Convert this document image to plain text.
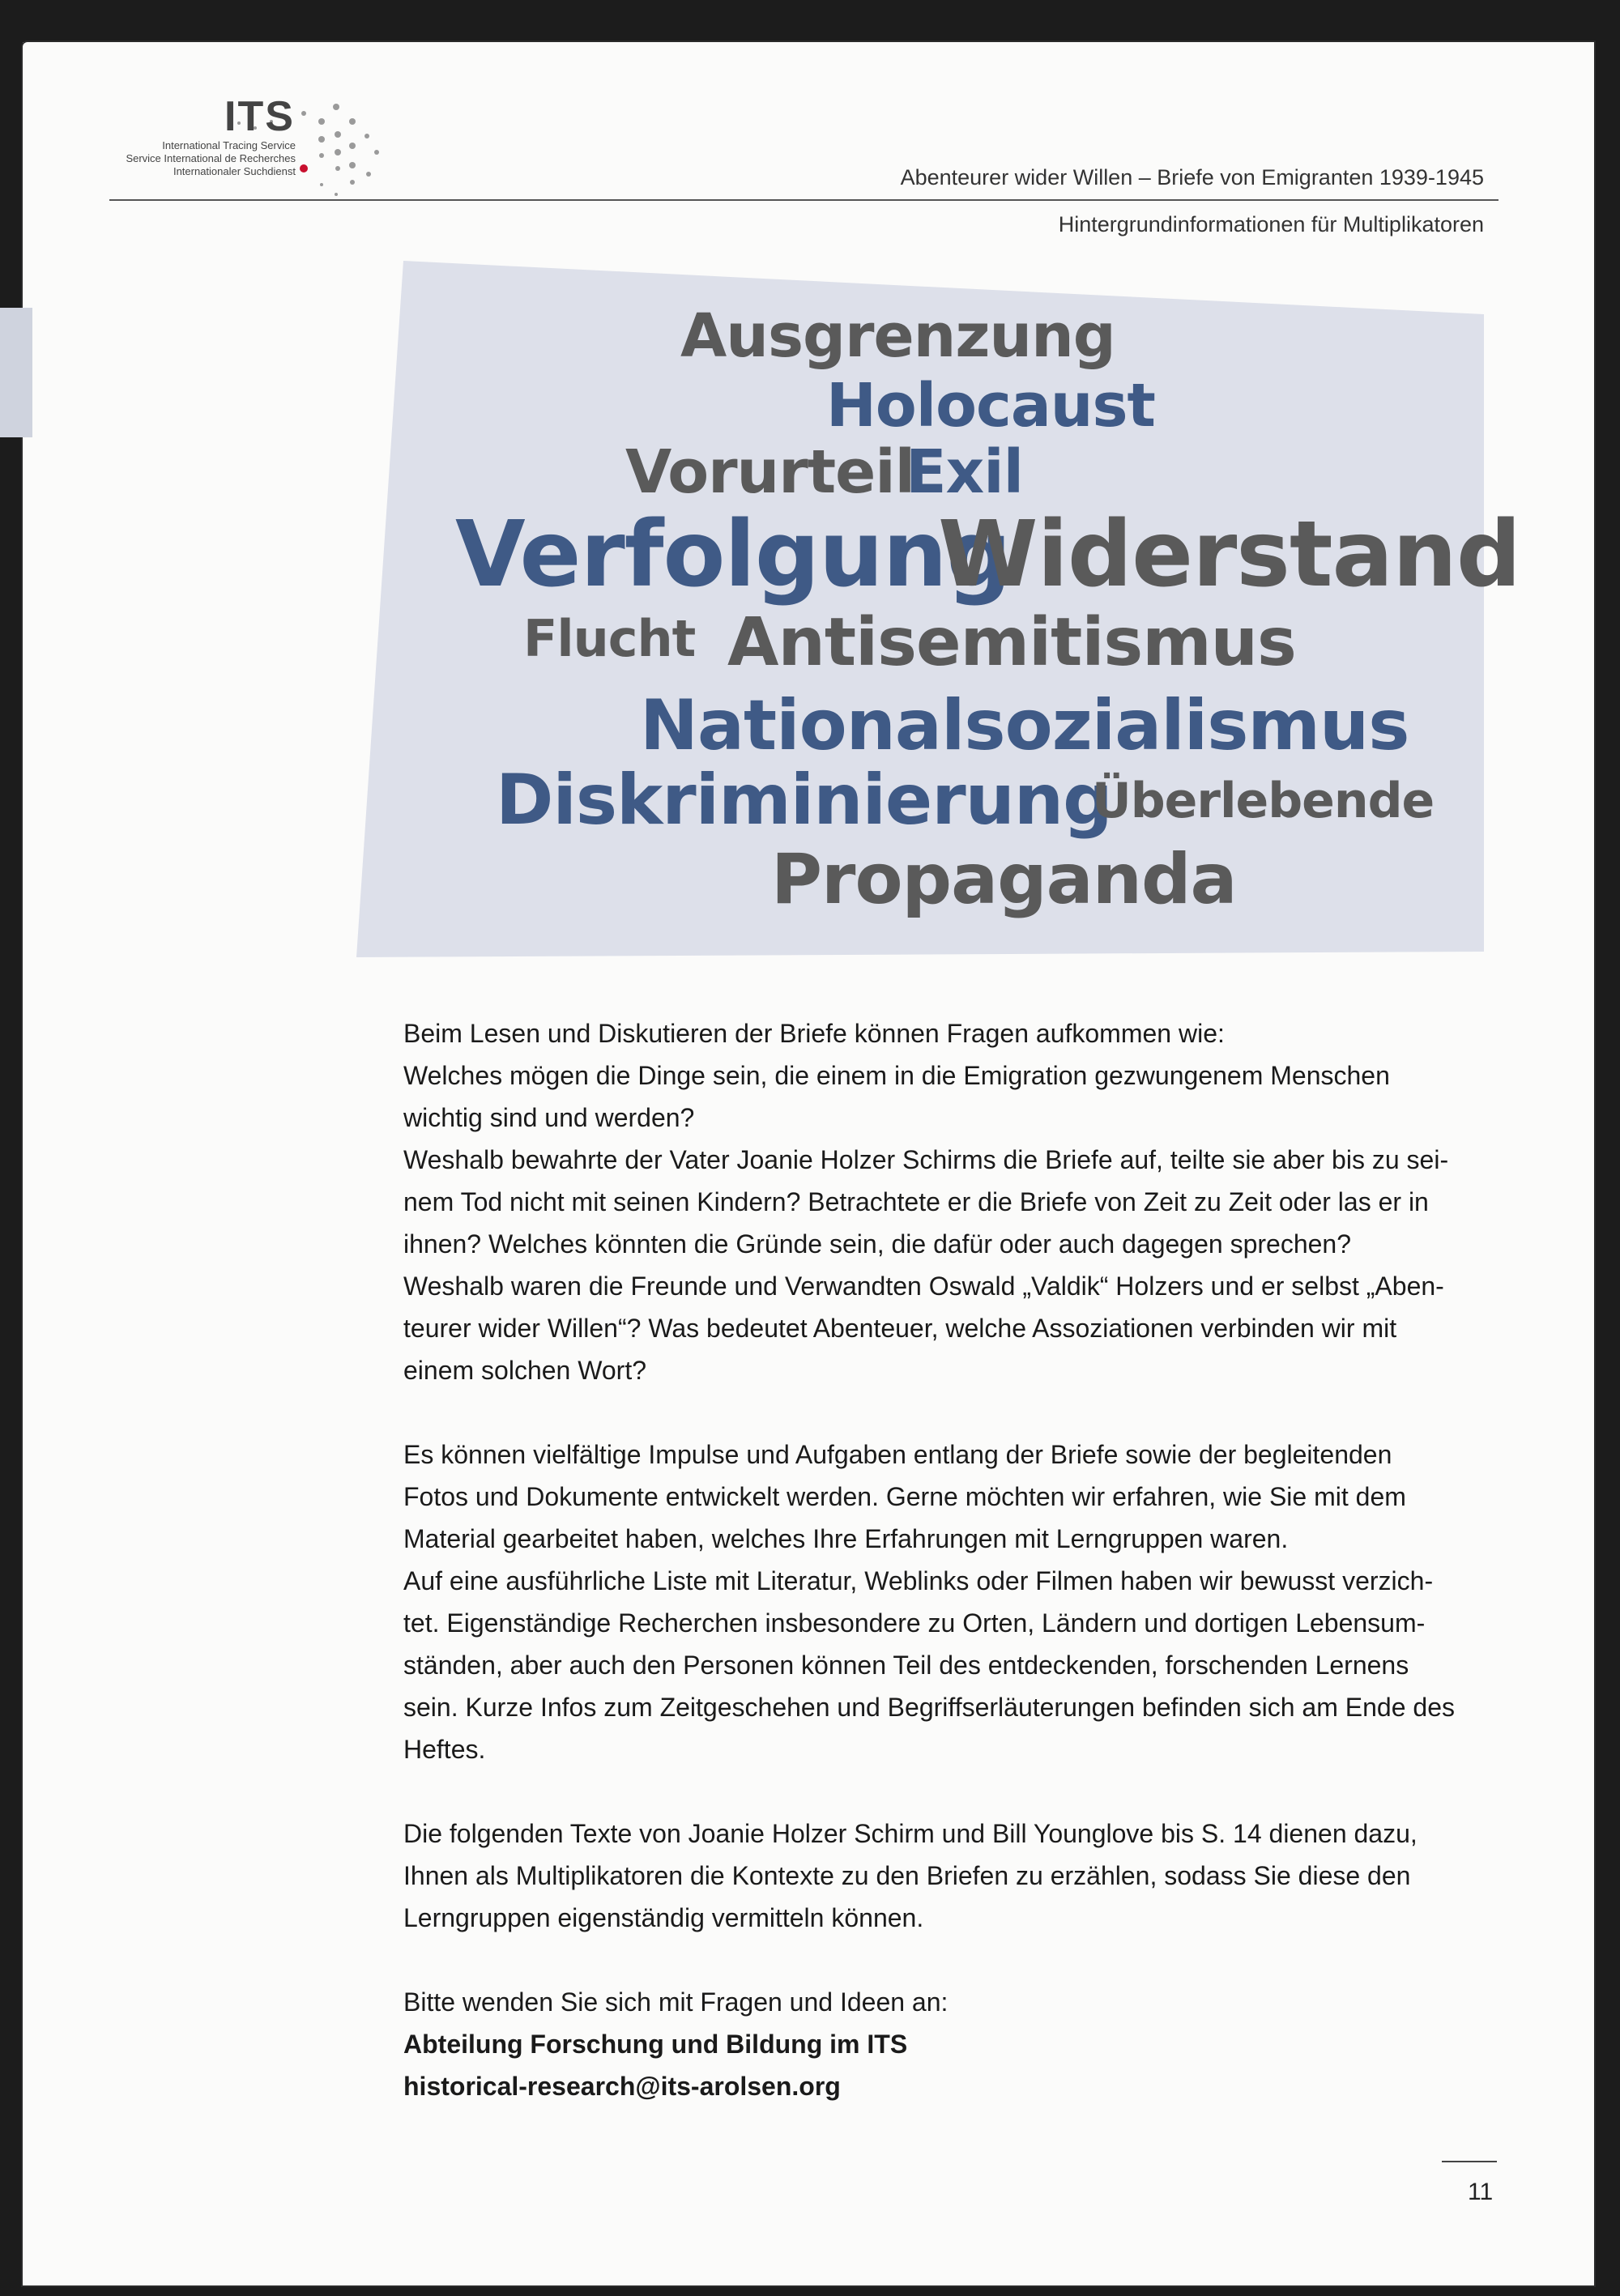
ITS
International Tracing Service
Service International de Recherches
Internationaler Suchdienst	Abenteurer wider Willen – Briefe von Emigranten 1939-1945
Hintergrundinformationen für Multiplikatoren
Ausgrenzung
Holocaust
Vorurteil
Exil
Verfolgung
Widerstand
Flucht Antisemitismus
Nationalsozialismus
Diskriminierung
Überlebende
Propaganda

Beim Lesen und Diskutieren der Briefe können Fragen aufkommen wie:

Welches mögen die Dinge sein, die einem in die Emigration gezwungenem Menschen

wichtig sind und werden?

Weshalb bewahrte der Vater Joanie Holzer Schirms die Briefe auf, teilte sie aber bis zu sei-

nem Tod nicht mit seinen Kindern? Betrachtete er die Briefe von Zeit zu Zeit oder las er in

ihnen? Welches könnten die Gründe sein, die dafür oder auch dagegen sprechen?

Weshalb waren die Freunde und Verwandten Oswald „Valdik“ Holzers und er selbst „Aben-

teurer wider Willen“? Was bedeutet Abenteuer, welche Assoziationen verbinden wir mit

einem solchen Wort?

Es können vielfältige Impulse und Aufgaben entlang der Briefe sowie der begleitenden

Fotos und Dokumente entwickelt werden. Gerne möchten wir erfahren, wie Sie mit dem

Material gearbeitet haben, welches Ihre Erfahrungen mit Lerngruppen waren.

Auf eine ausführliche Liste mit Literatur, Weblinks oder Filmen haben wir bewusst verzich-

tet. Eigenständige Recherchen insbesondere zu Orten, Ländern und dortigen Lebensum-

ständen, aber auch den Personen können Teil des entdeckenden, forschenden Lernens

sein. Kurze Infos zum Zeitgeschehen und Begriffserläuterungen befinden sich am Ende des

Heftes.

Die folgenden Texte von Joanie Holzer Schirm und Bill Younglove bis S. 14 dienen dazu,

Ihnen als Multiplikatoren die Kontexte zu den Briefen zu erzählen, sodass Sie diese den

Lerngruppen eigenständig vermitteln können.

Bitte wenden Sie sich mit Fragen und Ideen an:

Abteilung Forschung und Bildung im ITS

historical-research@its-arolsen.org

11
